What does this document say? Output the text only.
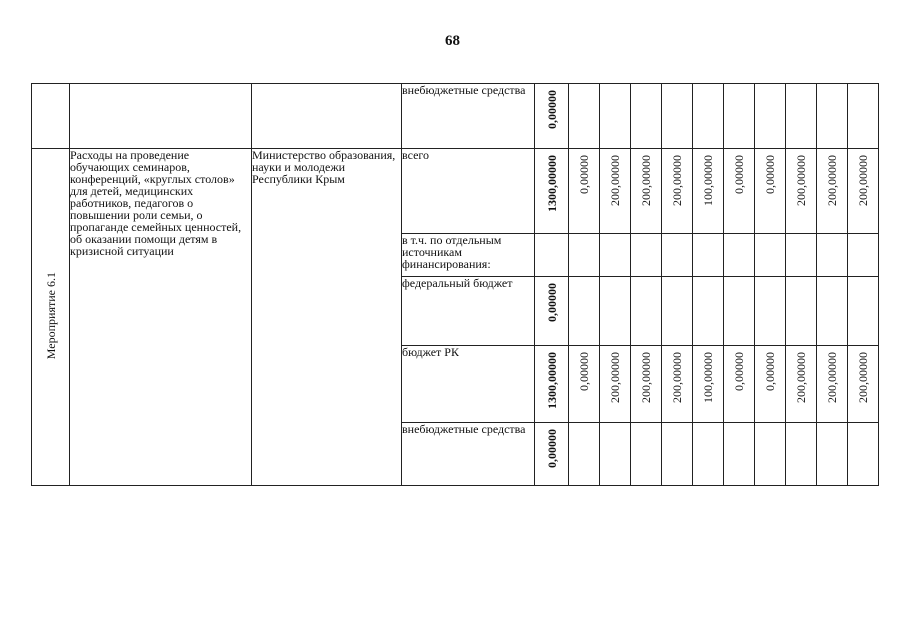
68
			внебюджетные средства	0,00000										
Мероприятие 6.1	Расходы на проведение обучающих семинаров, конференций, «круглых столов» для детей, медицинских работников, педагогов о повышении роли семьи, о пропаганде семейных ценностей, об оказании помощи детям в кризисной ситуации	Министерство образования, науки и молодежи Республики Крым	всего	1300,00000	0,00000	200,00000	200,00000	200,00000	100,00000	0,00000	0,00000	200,00000	200,00000	200,00000
			в т.ч. по отдельным источникам финансирования:											
			федеральный бюджет	0,00000										
			бюджет РК	1300,00000	0,00000	200,00000	200,00000	200,00000	100,00000	0,00000	0,00000	200,00000	200,00000	200,00000
			внебюджетные средства	0,00000										
